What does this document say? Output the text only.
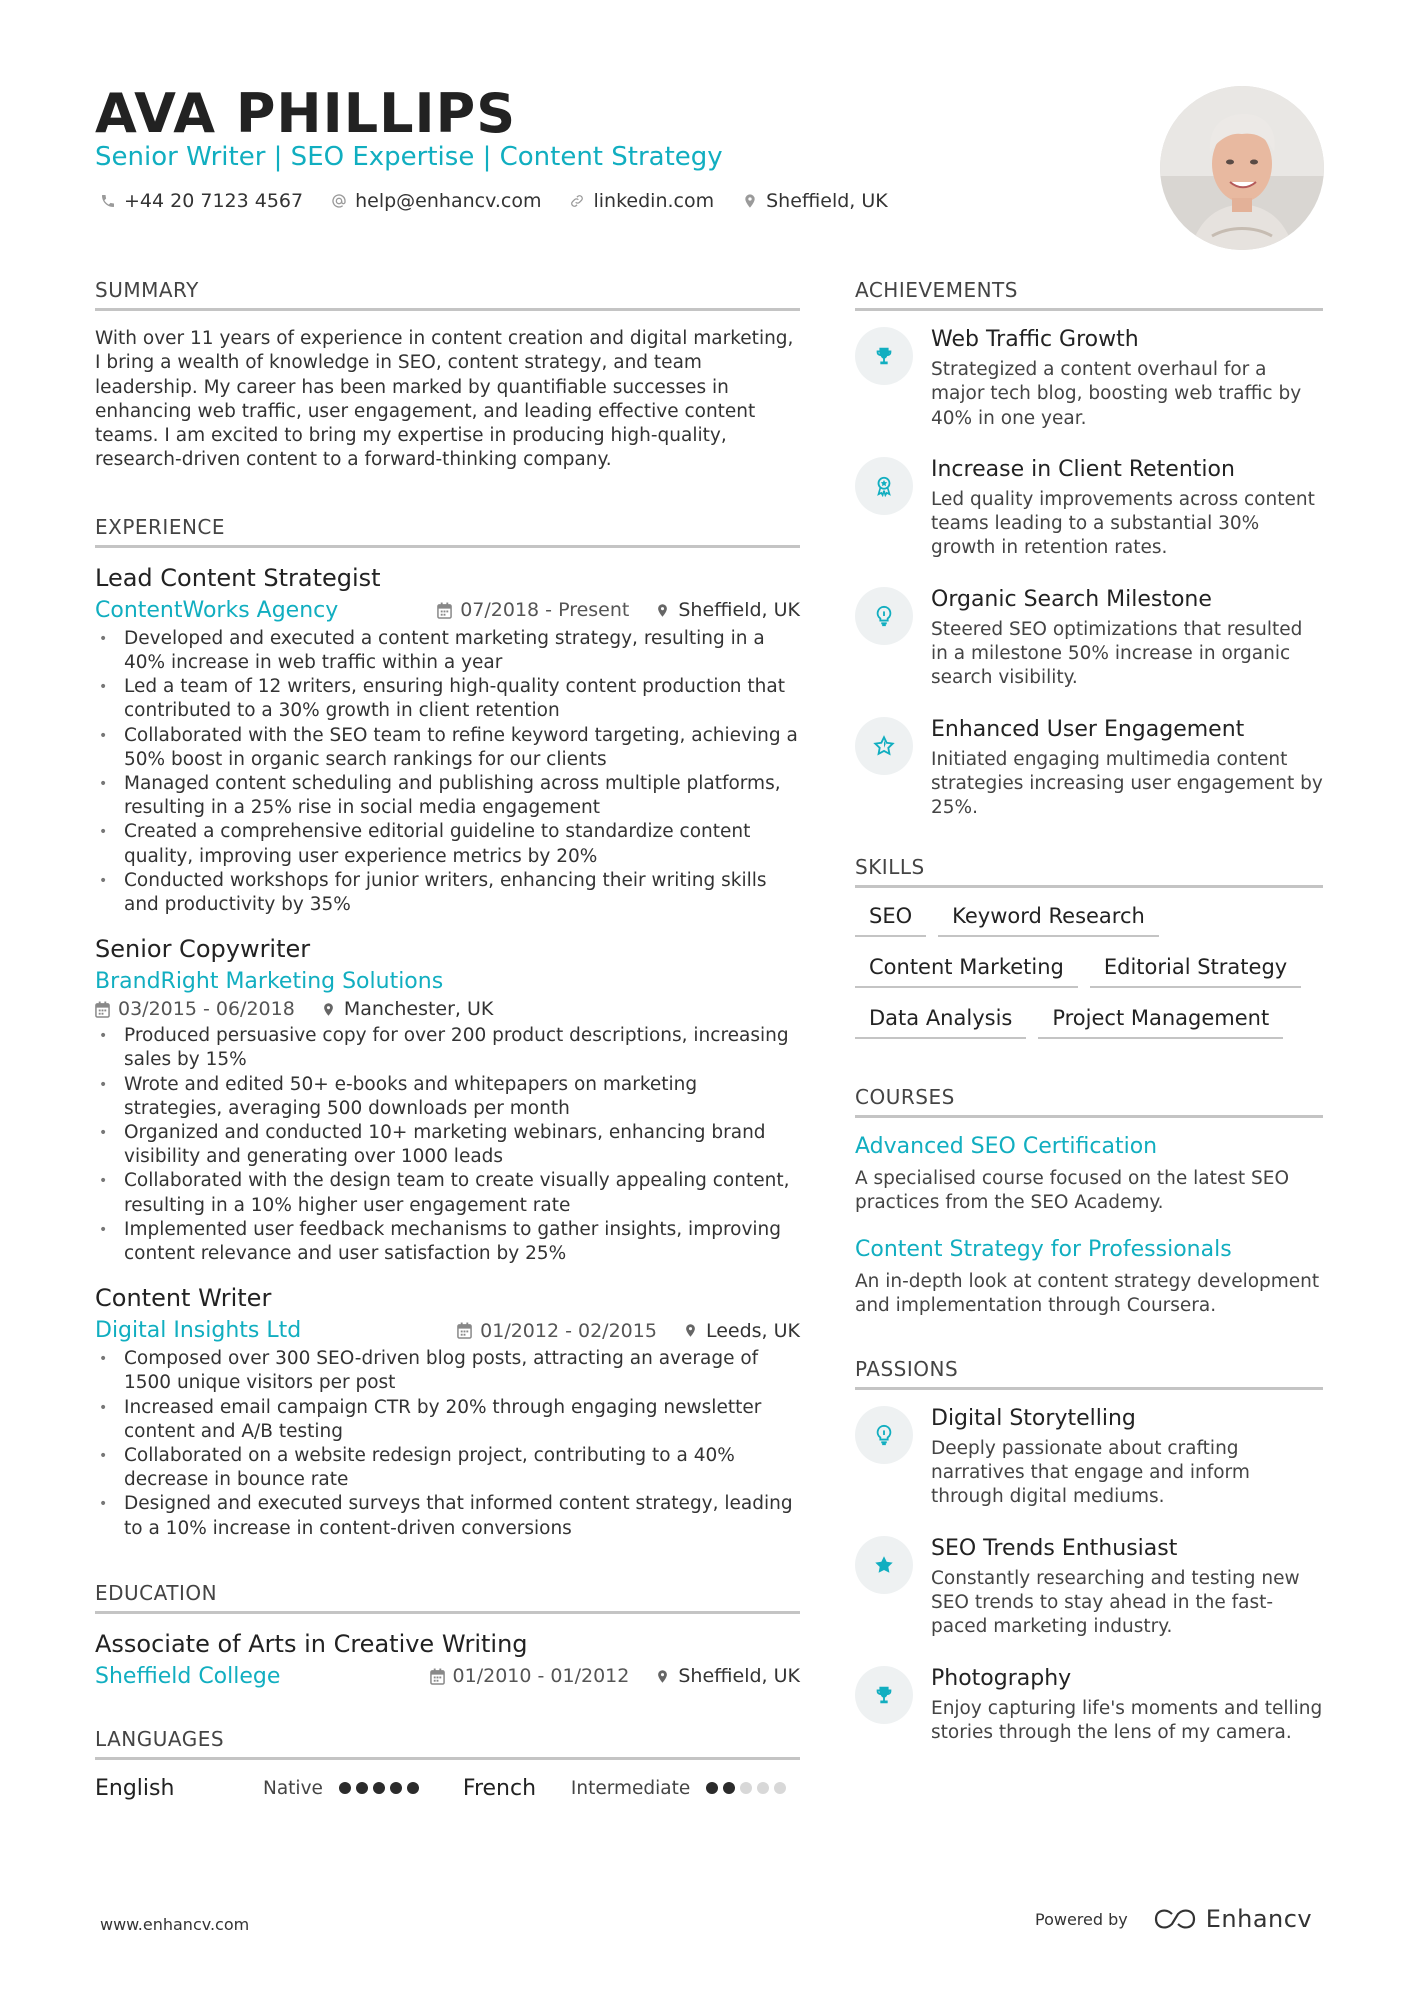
AVA PHILLIPS
Senior Writer | SEO Expertise | Content Strategy
+44 20 7123 4567	help@enhancv.com	linkedin.com	Sheffield, UK
SUMMARY

With over 11 years of experience in content creation and digital marketing, I bring a wealth of knowledge in SEO, content strategy, and team leadership. My career has been marked by quantifiable successes in enhancing web traffic, user engagement, and leading effective content teams. I am excited to bring my expertise in producing high-quality, research-driven content to a forward-thinking company.

EXPERIENCE
Lead Content Strategist
ContentWorks Agency	07/2018 - Present	Sheffield, UK
• Developed and executed a content marketing strategy, resulting in a 40% increase in web traffic within a year
• Led a team of 12 writers, ensuring high-quality content production that contributed to a 30% growth in client retention
• Collaborated with the SEO team to refine keyword targeting, achieving a 50% boost in organic search rankings for our clients
• Managed content scheduling and publishing across multiple platforms, resulting in a 25% rise in social media engagement
• Created a comprehensive editorial guideline to standardize content quality, improving user experience metrics by 20%
• Conducted workshops for junior writers, enhancing their writing skills and productivity by 35%
Senior Copywriter
BrandRight Marketing Solutions
03/2015 - 06/2018	Manchester, UK
• Produced persuasive copy for over 200 product descriptions, increasing sales by 15%
• Wrote and edited 50+ e-books and whitepapers on marketing strategies, averaging 500 downloads per month
• Organized and conducted 10+ marketing webinars, enhancing brand visibility and generating over 1000 leads
• Collaborated with the design team to create visually appealing content, resulting in a 10% higher user engagement rate
• Implemented user feedback mechanisms to gather insights, improving content relevance and user satisfaction by 25%
Content Writer
Digital Insights Ltd	01/2012 - 02/2015	Leeds, UK
• Composed over 300 SEO-driven blog posts, attracting an average of 1500 unique visitors per post
• Increased email campaign CTR by 20% through engaging newsletter content and A/B testing
• Collaborated on a website redesign project, contributing to a 40% decrease in bounce rate
• Designed and executed surveys that informed content strategy, leading to a 10% increase in content-driven conversions
EDUCATION
Associate of Arts in Creative Writing
Sheffield College	01/2010 - 01/2012	Sheffield, UK
LANGUAGES
English	Native	French	Intermediate
ACHIEVEMENTS
Web Traffic Growth
Strategized a content overhaul for a major tech blog, boosting web traffic by 40% in one year.
Increase in Client Retention
Led quality improvements across content teams leading to a substantial 30% growth in retention rates.
Organic Search Milestone
Steered SEO optimizations that resulted in a milestone 50% increase in organic search visibility.
Enhanced User Engagement
Initiated engaging multimedia content strategies increasing user engagement by 25%.
SKILLS
SEO	Keyword Research
Content Marketing	Editorial Strategy
Data Analysis	Project Management
COURSES
Advanced SEO Certification
A specialised course focused on the latest SEO practices from the SEO Academy.
Content Strategy for Professionals
An in-depth look at content strategy development and implementation through Coursera.
PASSIONS
Digital Storytelling
Deeply passionate about crafting narratives that engage and inform through digital mediums.
SEO Trends Enthusiast
Constantly researching and testing new SEO trends to stay ahead in the fast-paced marketing industry.
Photography
Enjoy capturing life's moments and telling stories through the lens of my camera.
www.enhancv.com	Powered by	Enhancv
